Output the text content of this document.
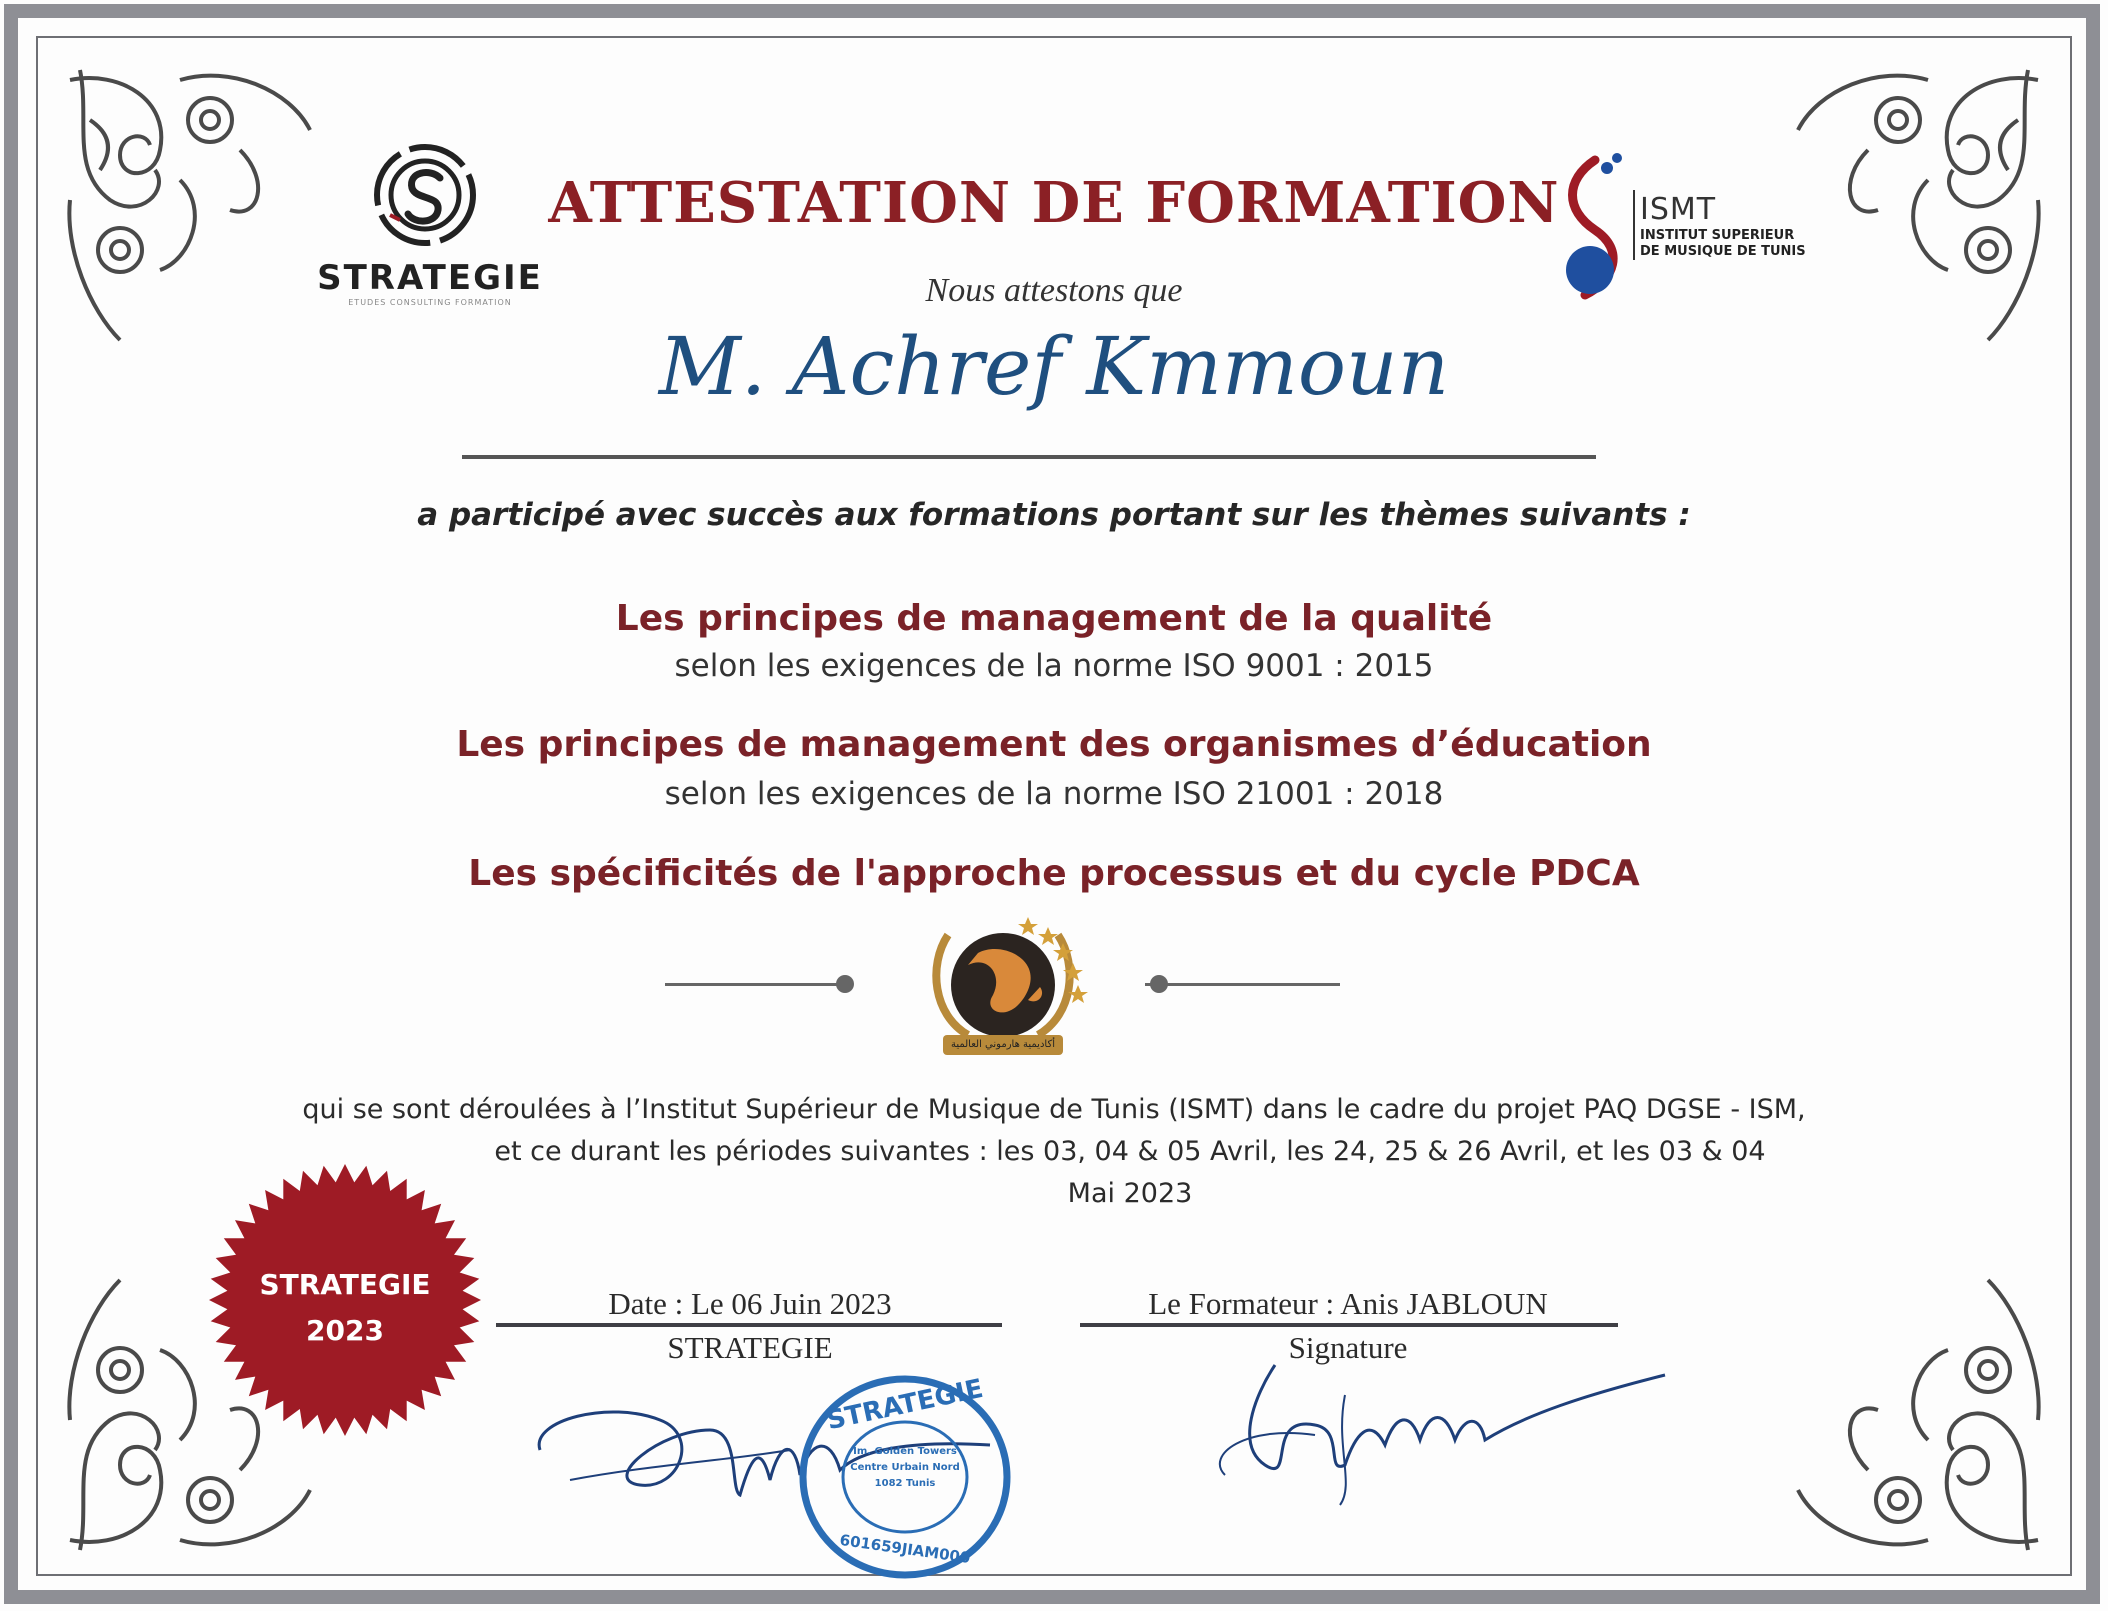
STRATEGIE
ETUDES CONSULTING FORMATION
ISMT
INSTITUT SUPERIEUR
DE MUSIQUE DE TUNIS
ATTESTATION DE FORMATION
Nous attestons que
M. Achref Kmmoun
a participé avec succès aux formations portant sur les thèmes suivants :
Les principes de management de la qualité
selon les exigences de la norme ISO 9001 : 2015
Les principes de management des organismes d’éducation
selon les exigences de la norme ISO 21001 : 2018
Les spécificités de l'approche processus et du cycle PDCA
أكاديمية هارموني العالمية
qui se sont déroulées à l’Institut Supérieur de Musique de Tunis (ISMT) dans le cadre du projet PAQ DGSE - ISM,
et ce durant les périodes suivantes : les 03, 04 & 05 Avril, les 24, 25 & 26 Avril, et les 03 & 04
Mai 2023
STRATEGIE
2023
Date : Le 06 Juin 2023
STRATEGIE
Le Formateur : Anis JABLOUN
Signature
STRATEGIE
Im. Golden Towers
Centre Urbain Nord
1082 Tunis
601659JIAM000
